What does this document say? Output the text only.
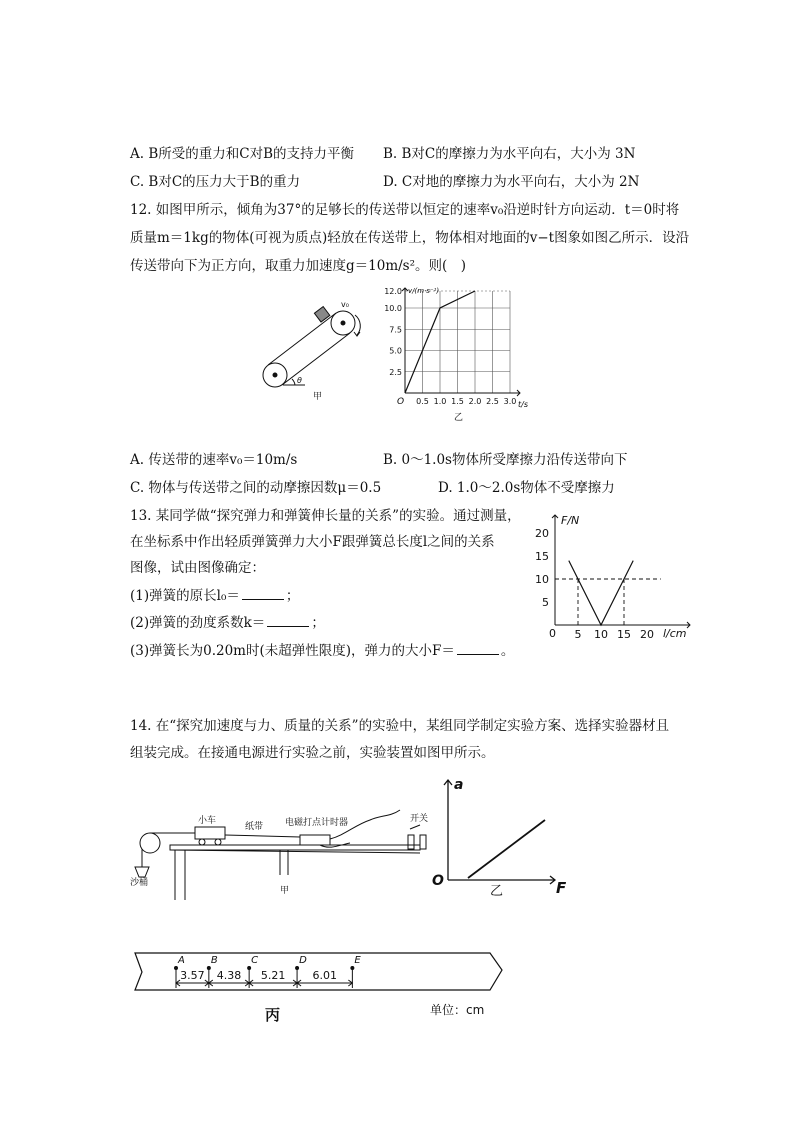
A. B所受的重力和C对B的支持力平衡 B. B对C的摩擦力为水平向右，大小为 3N
C. B对C的压力大于B的重力	D. C对地的摩擦力为水平向右，大小为 2N
12. 如图甲所示，倾角为37°的足够长的传送带以恒定的速率v₀沿逆时针方向运动．t＝0时将
质量m＝1kg的物体(可视为质点)轻放在传送带上，物体相对地面的v−t图象如图乙所示．设沿
传送带向下为正方向，取重力加速度g＝10m/s²。则(　)
θ
v₀
甲
2.5
5.0
7.5
10.0
12.0
0.5 1.0 1.5 2.0 2.5 3.0
v/(m·s⁻¹)
t/s
O
乙
A. 传送带的速率v₀＝10m/s	B. 0～1.0s物体所受摩擦力沿传送带向下
C. 物体与传送带之间的动摩擦因数μ＝0.5	D. 1.0～2.0s物体不受摩擦力
13. 某同学做“探究弹力和弹簧伸长量的关系”的实验。通过测量，
在坐标系中作出轻质弹簧弹力大小F跟弹簧总长度l之间的关系
图像，试由图像确定：
(1)弹簧的原长l₀＝	；
(2)弹簧的劲度系数k＝	；
(3)弹簧长为0.20m时(未超弹性限度)，弹力的大小F＝	。
5
10
15
20
5 10 15 20
F/N
l/cm
0
14. 在“探究加速度与力、质量的关系”的实验中，某组同学制定实验方案、选择实验器材且
组装完成。在接通电源进行实验之前，实验装置如图甲所示。
小车
纸带 电磁打点计时器	开关
沙桶
甲
a
F
O
乙
A	B	C	D	E
3.57 4.38 5.21 6.01
丙	单位：cm
